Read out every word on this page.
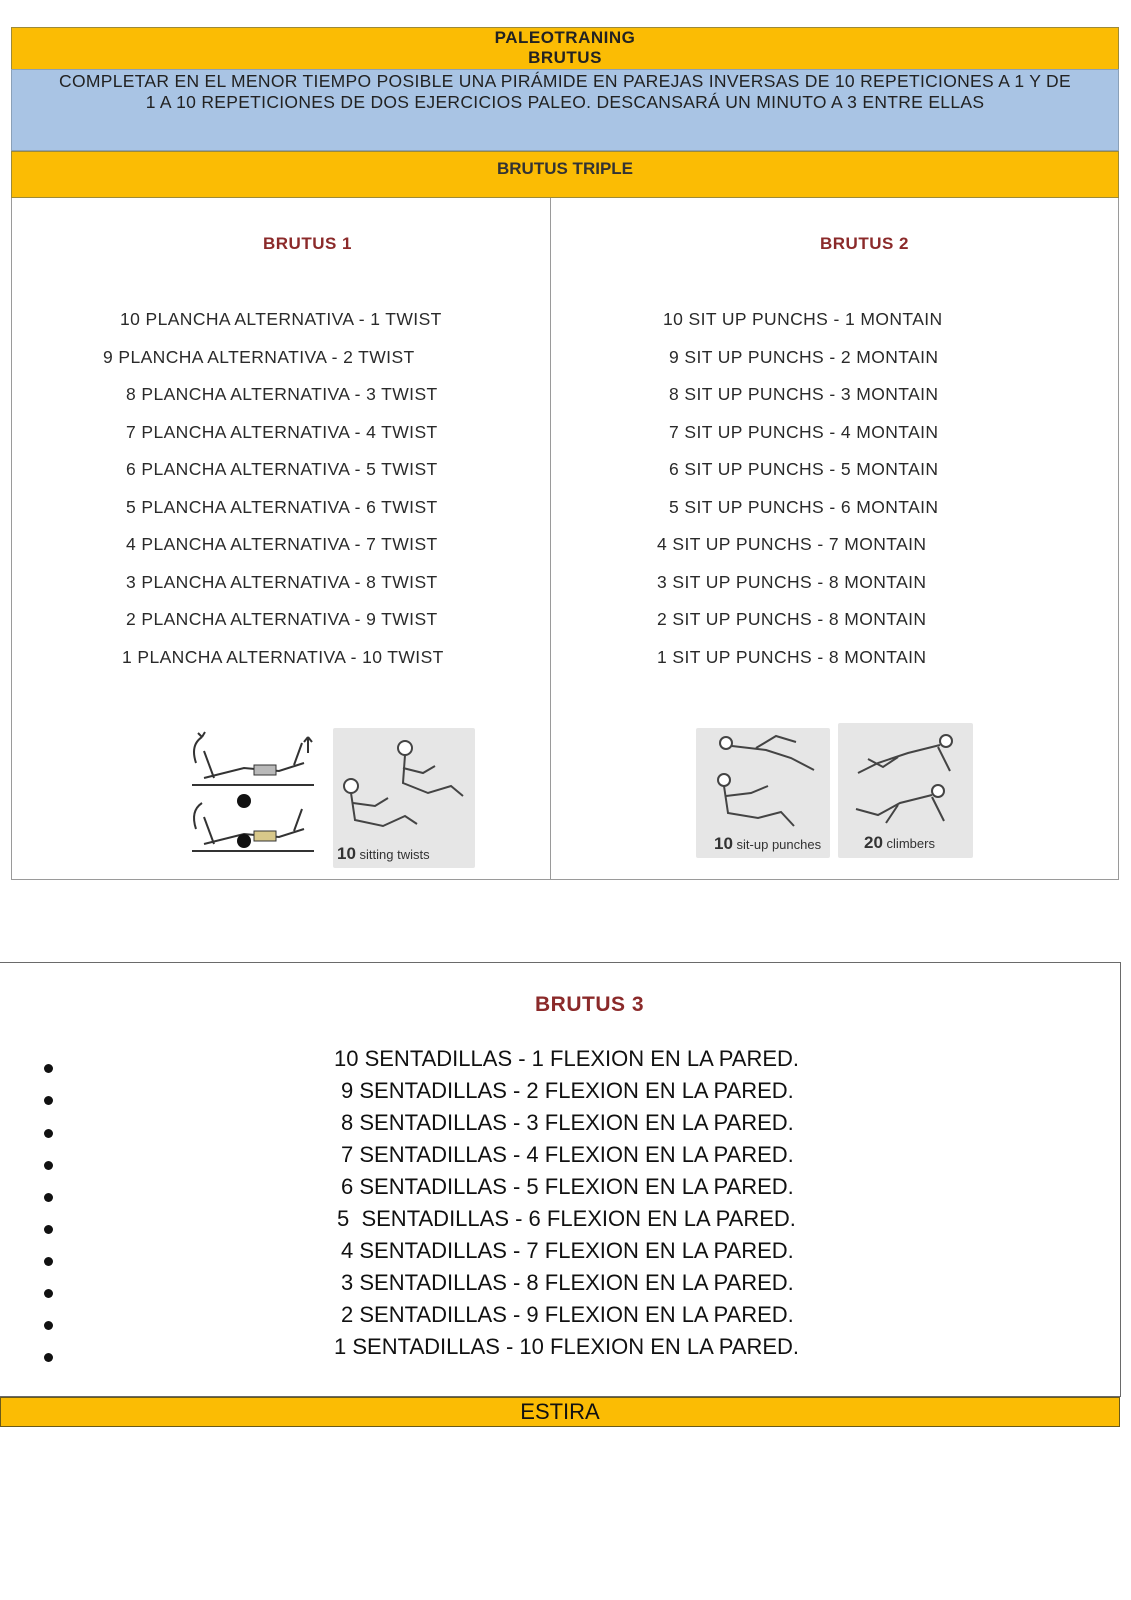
PALEOTRANING
BRUTUS
COMPLETAR EN EL MENOR TIEMPO POSIBLE UNA PIRÁMIDE EN PAREJAS INVERSAS DE 10 REPETICIONES A 1 Y DE 1 A 10 REPETICIONES DE DOS EJERCICIOS PALEO. DESCANSARÁ UN MINUTO A 3 ENTRE ELLAS
BRUTUS TRIPLE
BRUTUS 1	BRUTUS 2
10 PLANCHA ALTERNATIVA - 1 TWIST
9 PLANCHA ALTERNATIVA - 2 TWIST
8 PLANCHA ALTERNATIVA - 3 TWIST
7 PLANCHA ALTERNATIVA - 4 TWIST
6 PLANCHA ALTERNATIVA - 5 TWIST
5 PLANCHA ALTERNATIVA - 6 TWIST
4 PLANCHA ALTERNATIVA - 7 TWIST
3 PLANCHA ALTERNATIVA - 8 TWIST
2 PLANCHA ALTERNATIVA - 9 TWIST
1 PLANCHA ALTERNATIVA - 10 TWIST
10 SIT UP PUNCHS - 1 MONTAIN
9 SIT UP PUNCHS - 2 MONTAIN
8 SIT UP PUNCHS - 3 MONTAIN
7 SIT UP PUNCHS - 4 MONTAIN
6 SIT UP PUNCHS - 5 MONTAIN
5 SIT UP PUNCHS - 6 MONTAIN
4 SIT UP PUNCHS - 7 MONTAIN
3 SIT UP PUNCHS - 8 MONTAIN
2 SIT UP PUNCHS - 8 MONTAIN
1 SIT UP PUNCHS - 8 MONTAIN
10 sitting twists
10 sit-up punches	20 climbers
BRUTUS 3
10 SENTADILLAS - 1 FLEXION EN LA PARED.
9 SENTADILLAS - 2 FLEXION EN LA PARED.
8 SENTADILLAS - 3 FLEXION EN LA PARED.
7 SENTADILLAS - 4 FLEXION EN LA PARED.
6 SENTADILLAS - 5 FLEXION EN LA PARED.
5  SENTADILLAS - 6 FLEXION EN LA PARED.
4 SENTADILLAS - 7 FLEXION EN LA PARED.
3 SENTADILLAS - 8 FLEXION EN LA PARED.
2 SENTADILLAS - 9 FLEXION EN LA PARED.
1 SENTADILLAS - 10 FLEXION EN LA PARED.
ESTIRA
